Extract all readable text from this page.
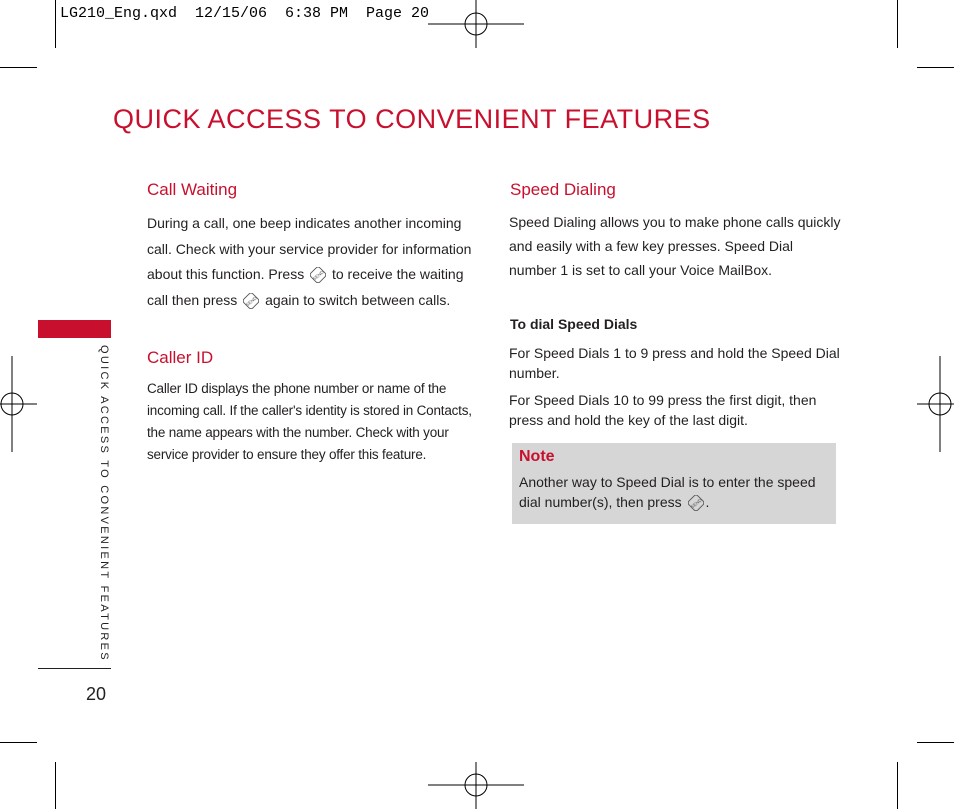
LG210_Eng.qxd  12/15/06  6:38 PM  Page 20
QUICK ACCESS TO CONVENIENT FEATURES
QUICK ACCESS TO CONVENIENT FEATURES
20
Call Waiting
During a call, one beep indicates another incoming call. Check with your service provider for information about this function. Press SEND to receive the waiting call then press SEND again to switch between calls.
Caller ID
Caller ID displays the phone number or name of the incoming call. If the caller's identity is stored in Contacts, the name appears with the number. Check with your service provider to ensure they offer this feature.
Speed Dialing
Speed Dialing allows you to make phone calls quickly and easily with a few key presses. Speed Dial number 1 is set to call your Voice MailBox.
To dial Speed Dials
For Speed Dials 1 to 9 press and hold the Speed Dial number.
For Speed Dials 10 to 99 press the first digit, then press and hold the key of the last digit.
Note
Another way to Speed Dial is to enter the speed dial number(s), then press SEND .
